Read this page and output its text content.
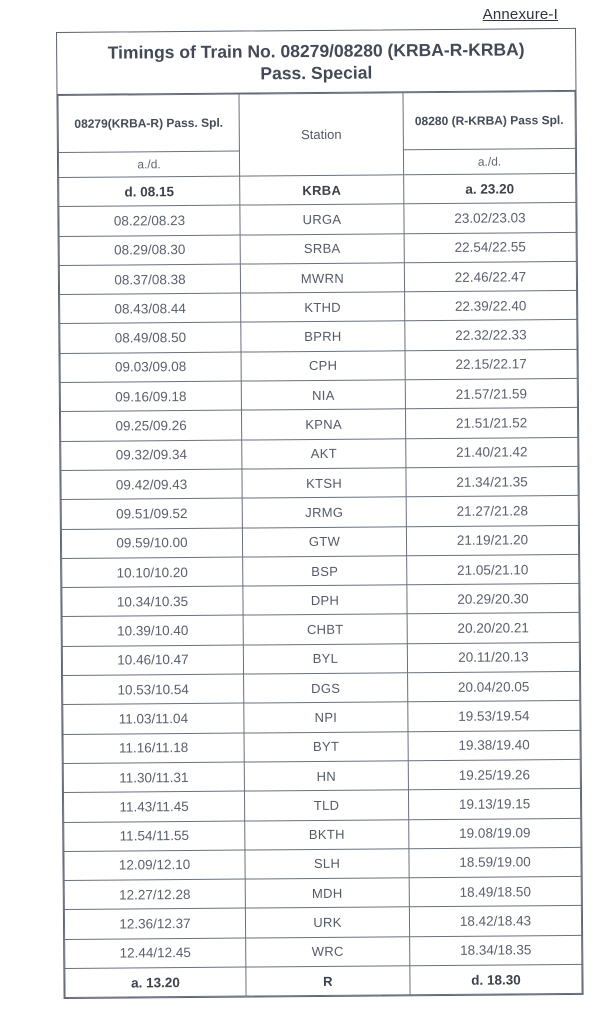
Annexure-I
Timings of Train No. 08279/08280 (KRBA-R-KRBA)
Pass. Special
08279(KRBA-R) Pass. Spl.	Station	08280 (R-KRBA) Pass Spl.
a./d.		a./d.
d. 08.15	KRBA	a. 23.20
08.22/08.23	URGA	23.02/23.03
08.29/08.30	SRBA	22.54/22.55
08.37/08.38	MWRN	22.46/22.47
08.43/08.44	KTHD	22.39/22.40
08.49/08.50	BPRH	22.32/22.33
09.03/09.08	CPH	22.15/22.17
09.16/09.18	NIA	21.57/21.59
09.25/09.26	KPNA	21.51/21.52
09.32/09.34	AKT	21.40/21.42
09.42/09.43	KTSH	21.34/21.35
09.51/09.52	JRMG	21.27/21.28
09.59/10.00	GTW	21.19/21.20
10.10/10.20	BSP	21.05/21.10
10.34/10.35	DPH	20.29/20.30
10.39/10.40	CHBT	20.20/20.21
10.46/10.47	BYL	20.11/20.13
10.53/10.54	DGS	20.04/20.05
11.03/11.04	NPI	19.53/19.54
11.16/11.18	BYT	19.38/19.40
11.30/11.31	HN	19.25/19.26
11.43/11.45	TLD	19.13/19.15
11.54/11.55	BKTH	19.08/19.09
12.09/12.10	SLH	18.59/19.00
12.27/12.28	MDH	18.49/18.50
12.36/12.37	URK	18.42/18.43
12.44/12.45	WRC	18.34/18.35
a. 13.20	R	d. 18.30
